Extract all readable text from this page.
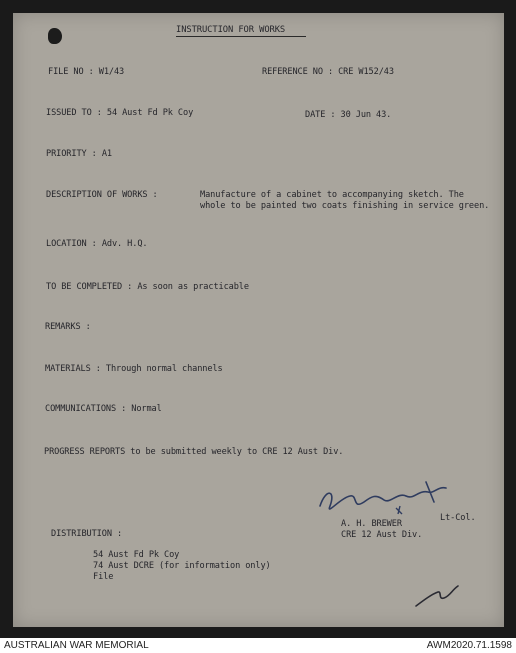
INSTRUCTION FOR WORKS
FILE NO : W1/43	REFERENCE NO : CRE W152/43
ISSUED TO : 54 Aust Fd Pk Coy	DATE : 30 Jun 43.
PRIORITY : A1
DESCRIPTION OF WORKS :	Manufacture of a cabinet to accompanying sketch. The whole to be painted two coats finishing in service green.
LOCATION : Adv. H.Q.
TO BE COMPLETED : As soon as practicable
REMARKS :
MATERIALS : Through normal channels
COMMUNICATIONS : Normal
PROGRESS REPORTS to be submitted weekly to CRE 12 Aust Div.
Lt-Col.
A. H. BREWER
CRE 12 Aust Div.
DISTRIBUTION :
54 Aust Fd Pk Coy
74 Aust DCRE (for information only)
File
AUSTRALIAN WAR MEMORIAL	AWM2020.71.1598
